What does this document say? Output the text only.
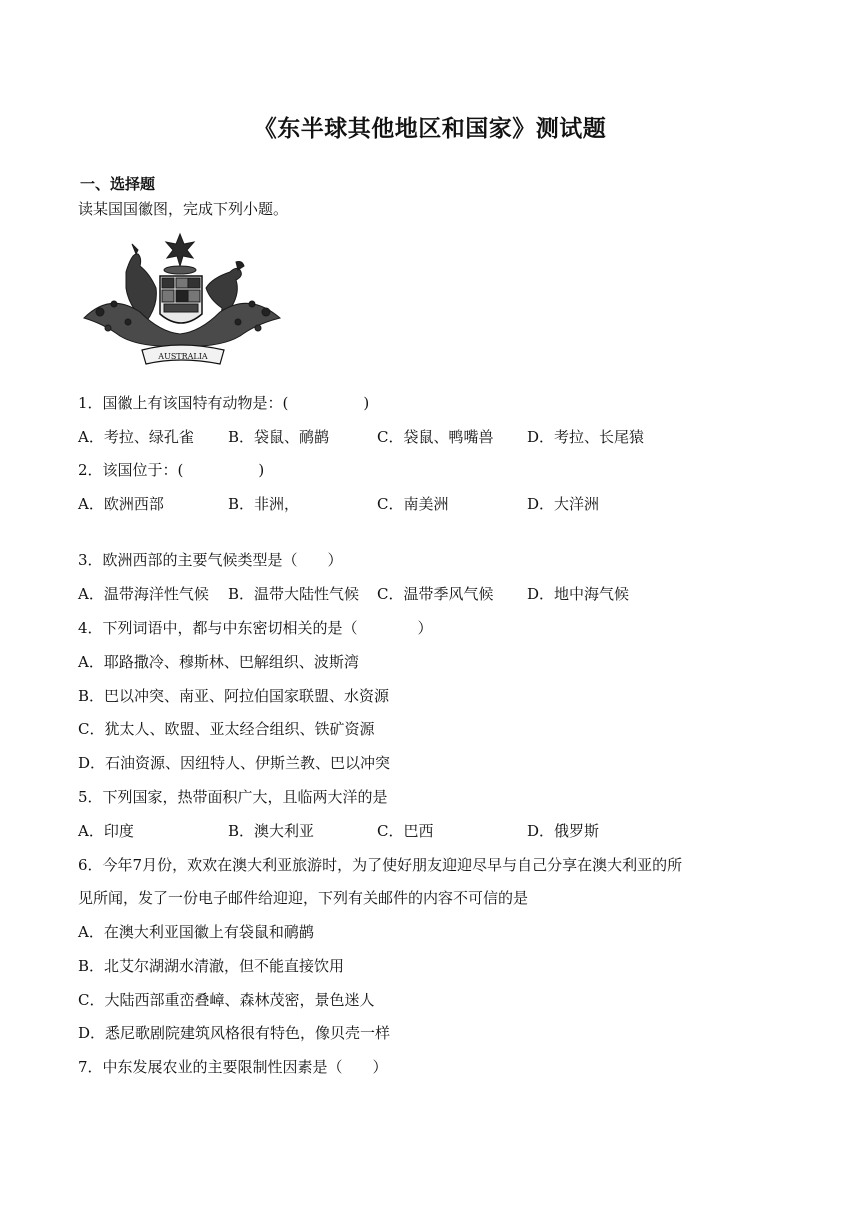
《东半球其他地区和国家》测试题
一、选择题
读某国国徽图，完成下列小题。
AUSTRALIA
1．国徽上有该国特有动物是：(　　　　　)
A．考拉、绿孔雀 B．袋鼠、鸸鹋	C．袋鼠、鸭嘴兽 D．考拉、长尾猿
2．该国位于：(　　　　　)
A．欧洲西部	B．非洲，	C．南美洲	D．大洋洲
3．欧洲西部的主要气候类型是（　　）
A．温带海洋性气候 B．温带大陆性气候 C．温带季风气候 D．地中海气候
4．下列词语中，都与中东密切相关的是（　　　　）
A．耶路撒冷、穆斯林、巴解组织、波斯湾
B．巴以冲突、南亚、阿拉伯国家联盟、水资源
C．犹太人、欧盟、亚太经合组织、铁矿资源
D．石油资源、因纽特人、伊斯兰教、巴以冲突
5．下列国家，热带面积广大，且临两大洋的是
A．印度	B．澳大利亚	C．巴西	D．俄罗斯
6．今年7月份，欢欢在澳大利亚旅游时，为了使好朋友迎迎尽早与自己分享在澳大利亚的所
见所闻，发了一份电子邮件给迎迎，下列有关邮件的内容不可信的是
A．在澳大利亚国徽上有袋鼠和鸸鹋
B．北艾尔湖湖水清澈，但不能直接饮用
C．大陆西部重峦叠嶂、森林茂密，景色迷人
D．悉尼歌剧院建筑风格很有特色，像贝壳一样
7．中东发展农业的主要限制性因素是（　　）
